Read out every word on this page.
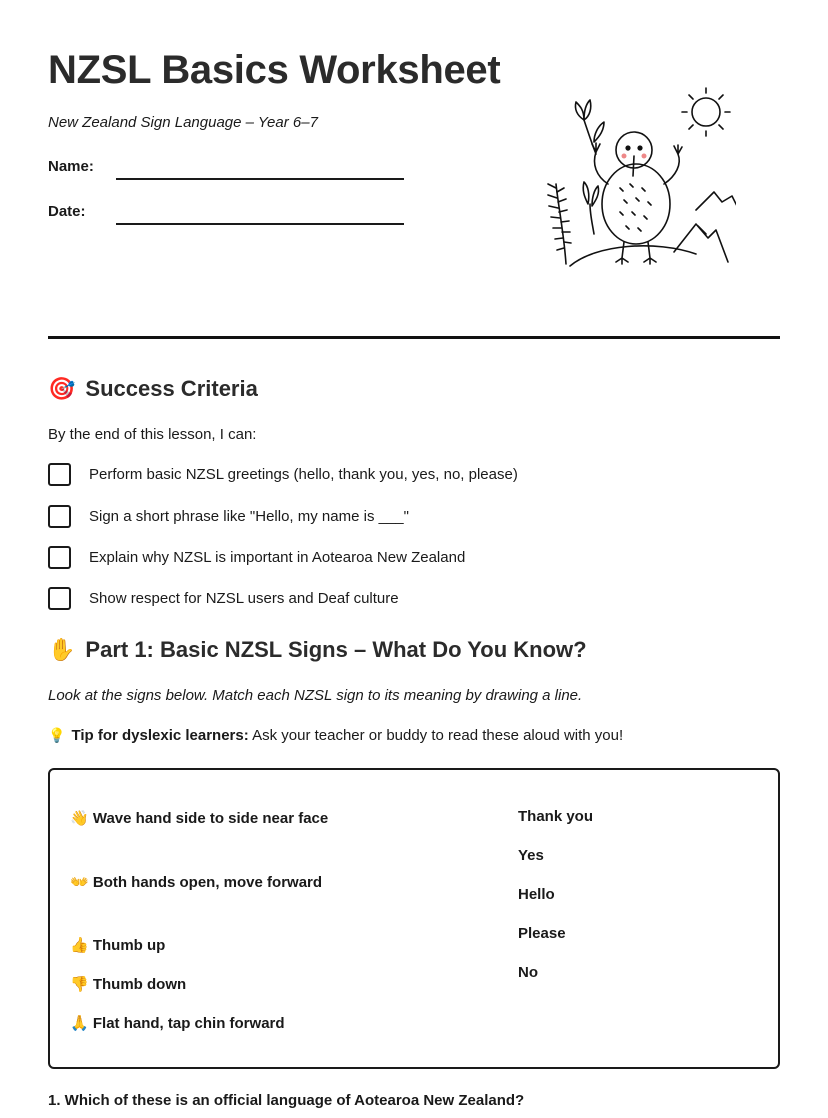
NZSL Basics Worksheet
New Zealand Sign Language – Year 6–7
Name:
Date:
🎯 Success Criteria
By the end of this lesson, I can:
Perform basic NZSL greetings (hello, thank you, yes, no, please)
Sign a short phrase like "Hello, my name is ___"
Explain why NZSL is important in Aotearoa New Zealand
Show respect for NZSL users and Deaf culture
✋ Part 1: Basic NZSL Signs – What Do You Know?
Look at the signs below. Match each NZSL sign to its meaning by drawing a line.
💡 Tip for dyslexic learners: Ask your teacher or buddy to read these aloud with you!
👋 Wave hand side to side near face
👐 Both hands open, move forward
👍 Thumb up
👎 Thumb down
🙏 Flat hand, tap chin forward
Thank you
Yes
Hello
Please
No
1. Which of these is an official language of Aotearoa New Zealand?
